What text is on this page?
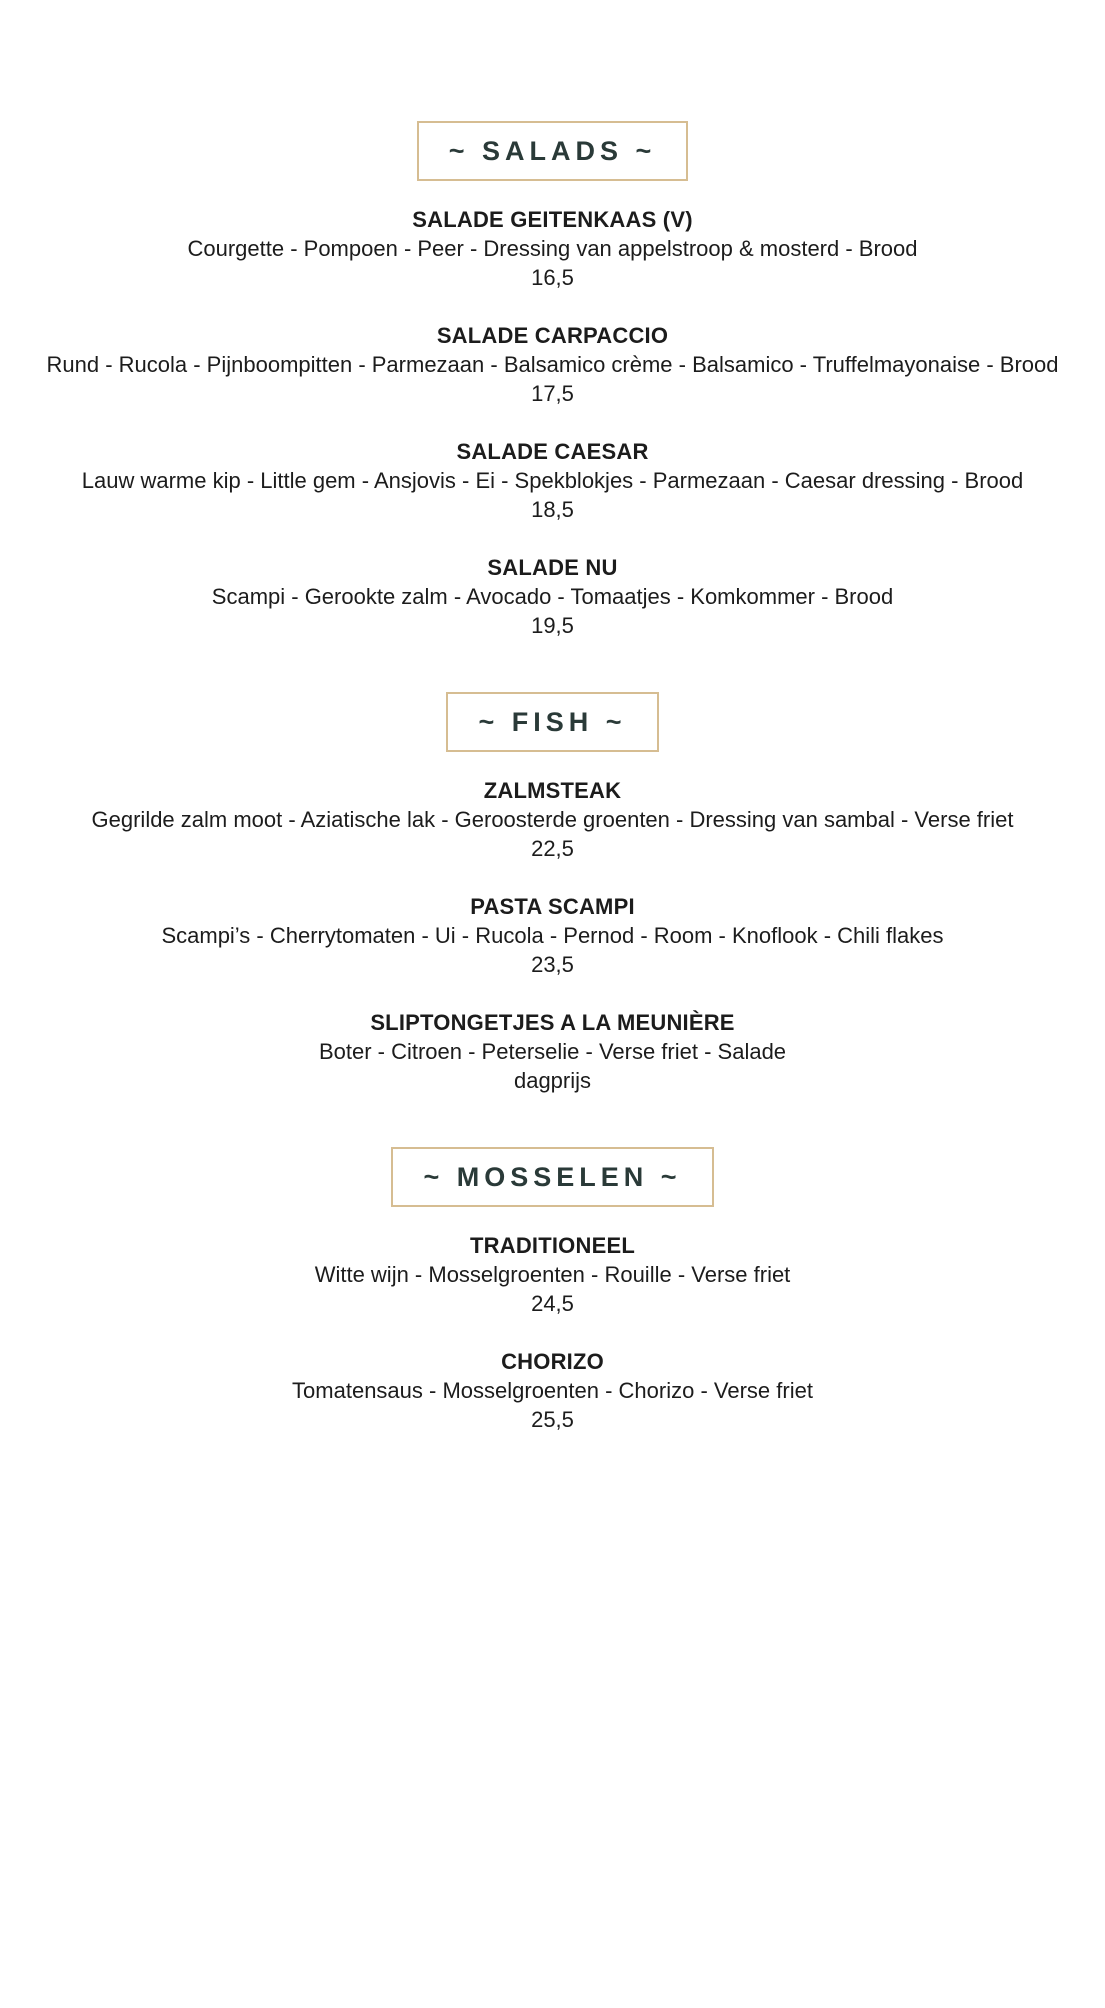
~ SALADS ~
SALADE GEITENKAAS (V)

Courgette - Pompoen - Peer - Dressing van appelstroop & mosterd - Brood

16,5

SALADE CARPACCIO

Rund - Rucola - Pijnboompitten - Parmezaan - Balsamico crème - Balsamico - Truffelmayonaise - Brood

17,5

SALADE CAESAR

Lauw warme kip - Little gem - Ansjovis - Ei - Spekblokjes - Parmezaan - Caesar dressing - Brood

18,5

SALADE NU

Scampi - Gerookte zalm - Avocado - Tomaatjes - Komkommer - Brood

19,5

~ FISH ~
ZALMSTEAK

Gegrilde zalm moot - Aziatische lak - Geroosterde groenten - Dressing van sambal - Verse friet

22,5

PASTA SCAMPI

Scampi’s - Cherrytomaten - Ui - Rucola - Pernod - Room - Knoflook - Chili flakes

23,5

SLIPTONGETJES A LA MEUNIÈRE

Boter - Citroen - Peterselie - Verse friet - Salade

dagprijs

~ MOSSELEN ~
TRADITIONEEL

Witte wijn - Mosselgroenten - Rouille - Verse friet

24,5

CHORIZO

Tomatensaus - Mosselgroenten - Chorizo - Verse friet

25,5
